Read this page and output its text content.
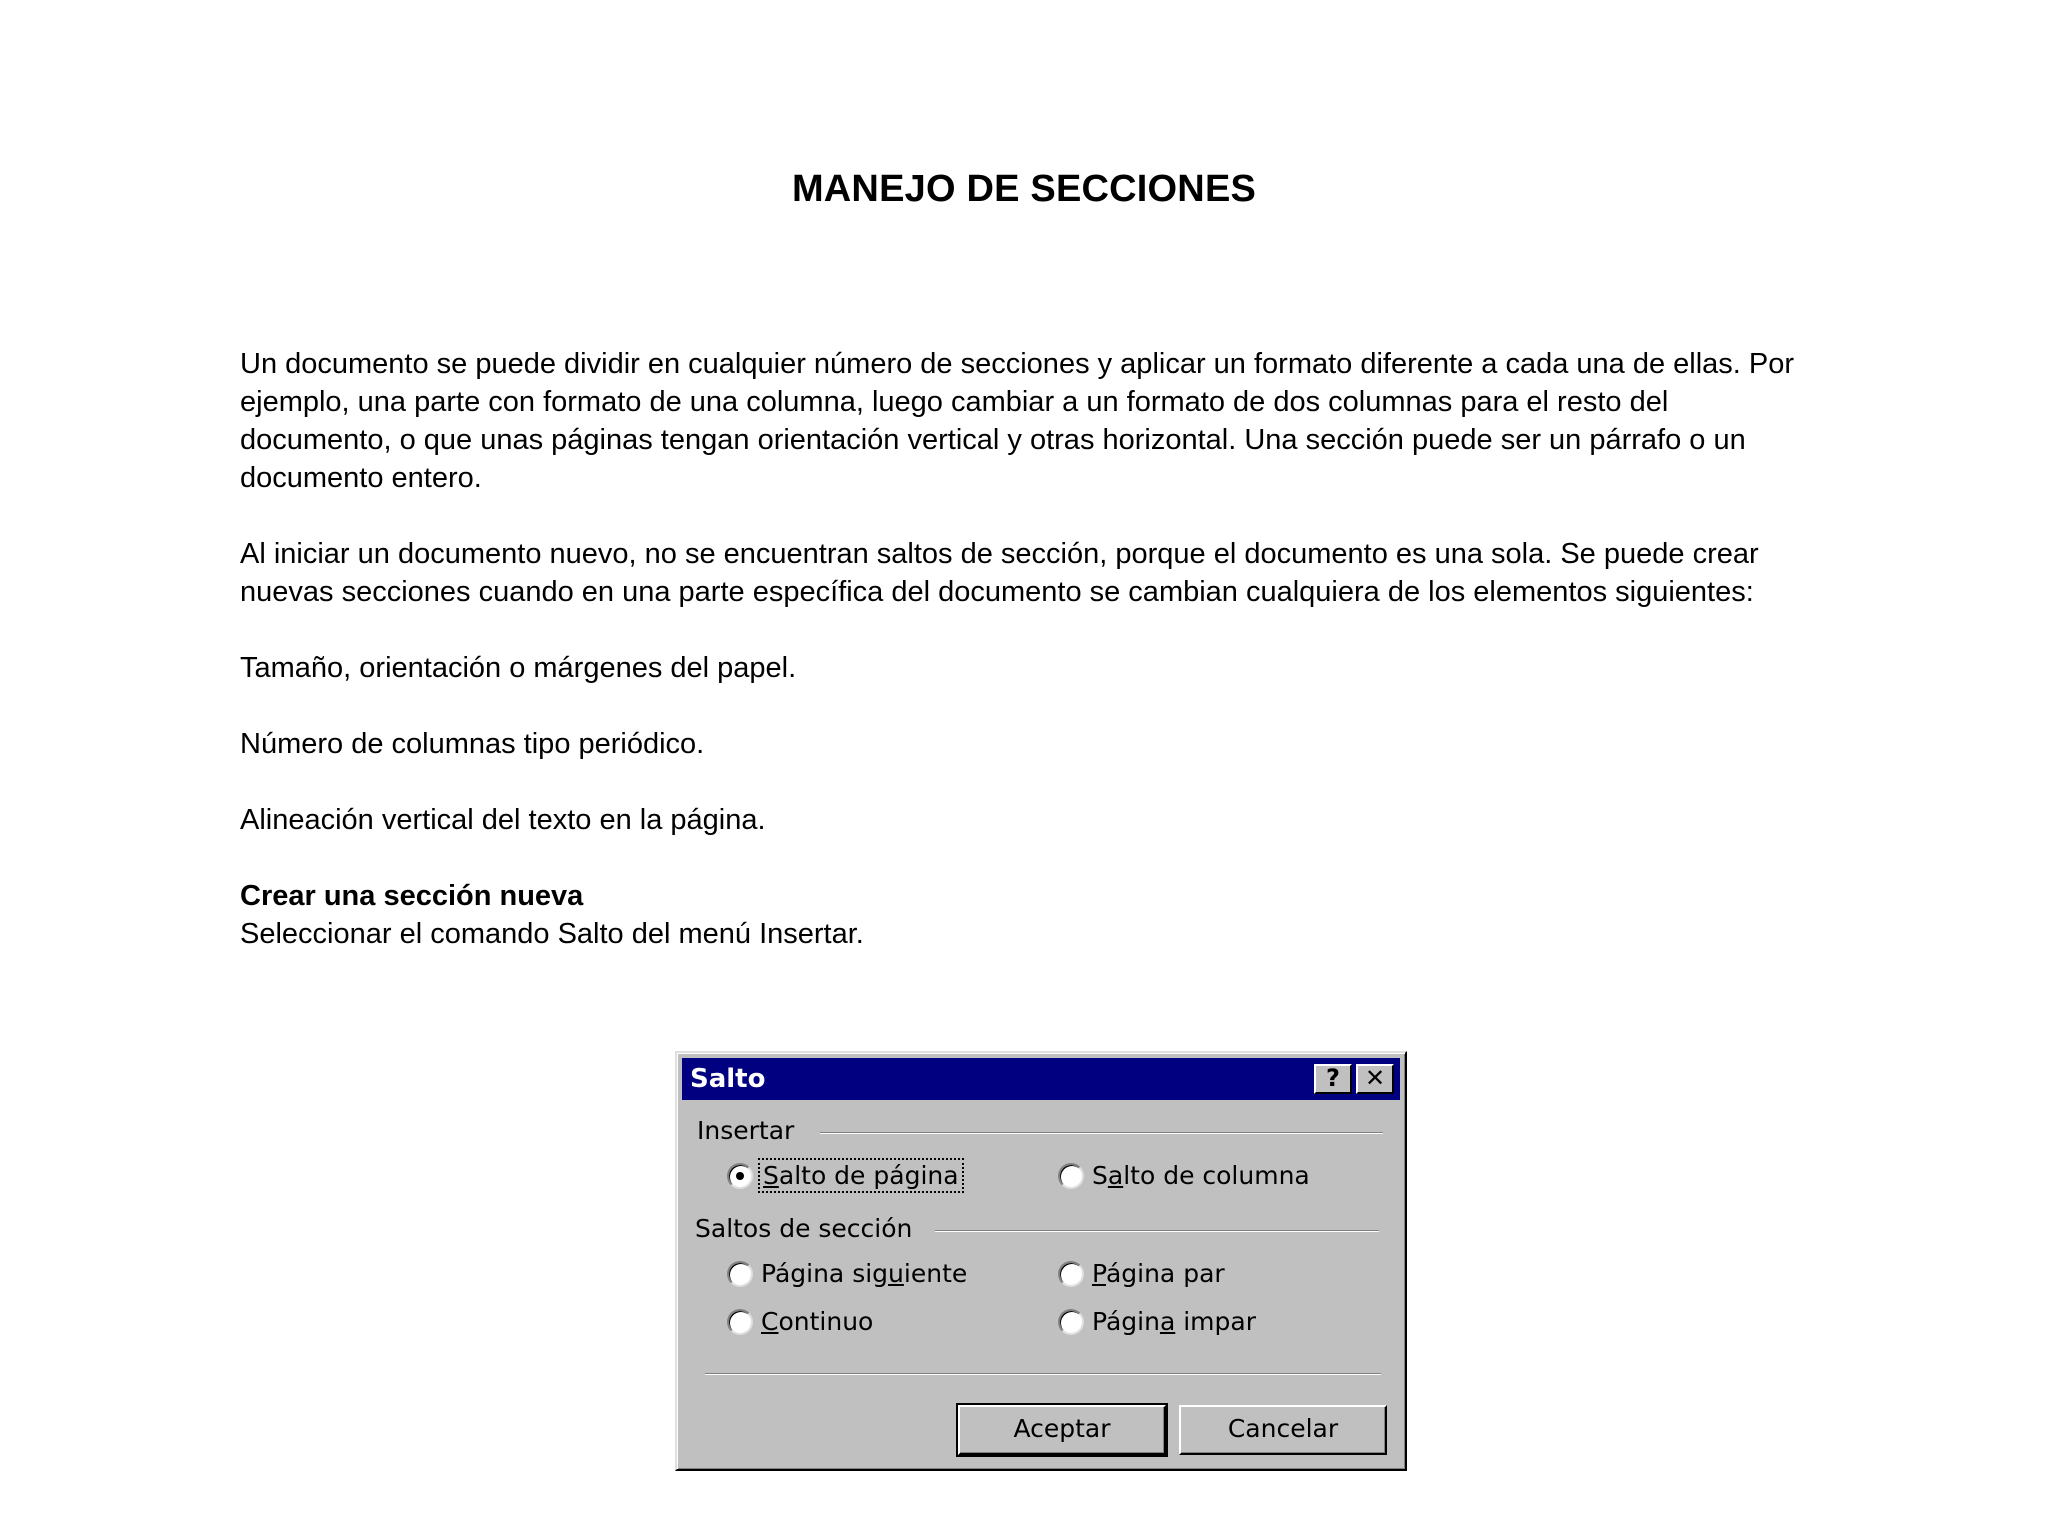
MANEJO DE SECCIONES

Un documento se puede dividir en cualquier número de secciones y aplicar un formato diferente a cada una de ellas. Por ejemplo, una parte con formato de una columna, luego cambiar a un formato de dos columnas para el resto del documento, o que unas páginas tengan orientación vertical y otras horizontal. Una sección puede ser un párrafo o un documento entero.

Al iniciar un documento nuevo, no se encuentran saltos de sección, porque el documento es una sola. Se puede crear nuevas secciones cuando en una parte específica del documento se cambian cualquiera de los elementos siguientes:

Tamaño, orientación o márgenes del papel.

Número de columnas tipo periódico.

Alineación vertical del texto en la página.

Crear una sección nueva

Seleccionar el comando Salto del menú Insertar.

Salto	?	✕
Insertar
Salto de página	Salto de columna
Saltos de sección
Página siguiente	Página par
Continuo	Página impar
Aceptar	Cancelar
